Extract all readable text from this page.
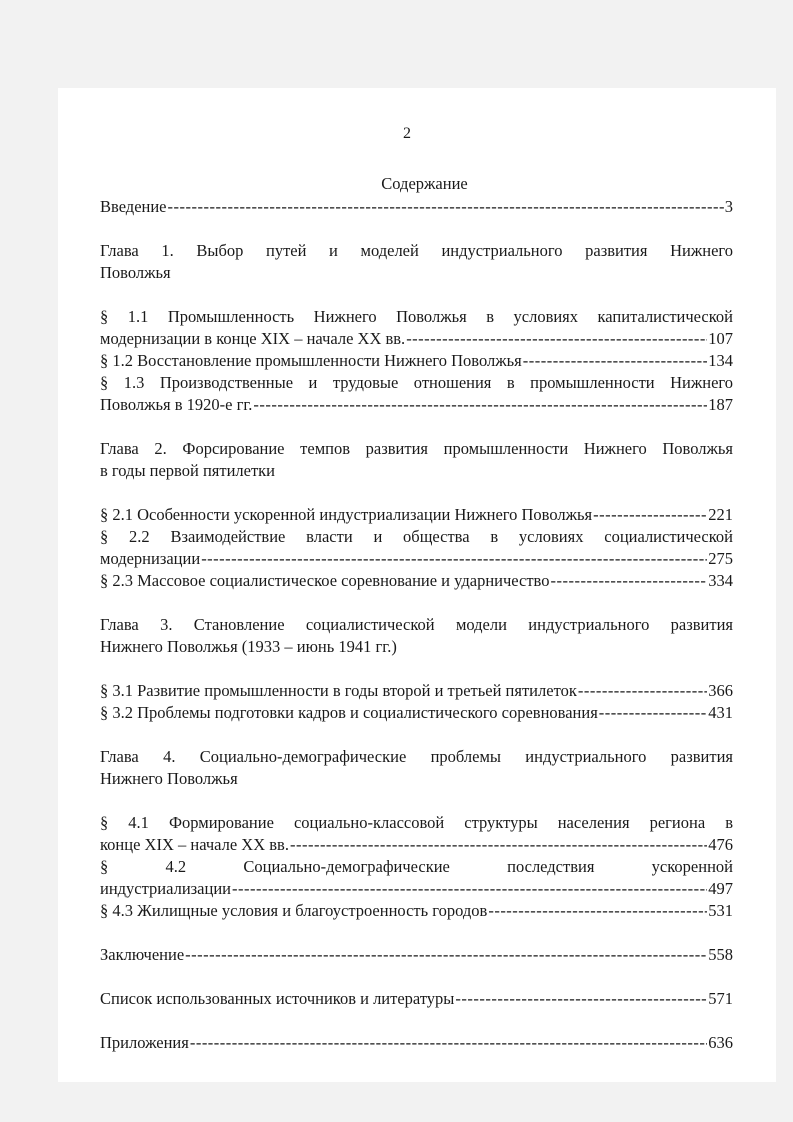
2
Содержание
Введение -----	3

Глава 1. Выбор путей и моделей индустриального развития Нижнего

Поволжья

§ 1.1 Промышленность Нижнего Поволжья в условиях капиталистической

модернизации в конце XIX – начале XX вв. -----	107
§ 1.2 Восстановление промышленности Нижнего Поволжья -----	134

§ 1.3 Производственные и трудовые отношения в промышленности Нижнего

Поволжья в 1920-е гг. -----	187

Глава 2. Форсирование темпов развития промышленности Нижнего Поволжья

в годы первой пятилетки

§ 2.1 Особенности ускоренной индустриализации Нижнего Поволжья -----	221

§ 2.2 Взаимодействие власти и общества в условиях социалистической

модернизации -----	275
§ 2.3 Массовое социалистическое соревнование и ударничество -----	334

Глава 3. Становление социалистической модели индустриального развития

Нижнего Поволжья (1933 – июнь 1941 гг.)

§ 3.1 Развитие промышленности в годы второй и третьей пятилеток -----	366
§ 3.2 Проблемы подготовки кадров и социалистического соревнования -----	431

Глава 4. Социально-демографические проблемы индустриального развития

Нижнего Поволжья

§ 4.1 Формирование социально-классовой структуры населения региона в

конце XIX – начале XX вв. -----	476

§ 4.2 Социально-демографические последствия ускоренной

индустриализации -----	497
§ 4.3 Жилищные условия и благоустроенность городов -----	531
Заключение -----	558
Список использованных источников и литературы -----	571
Приложения -----	636
